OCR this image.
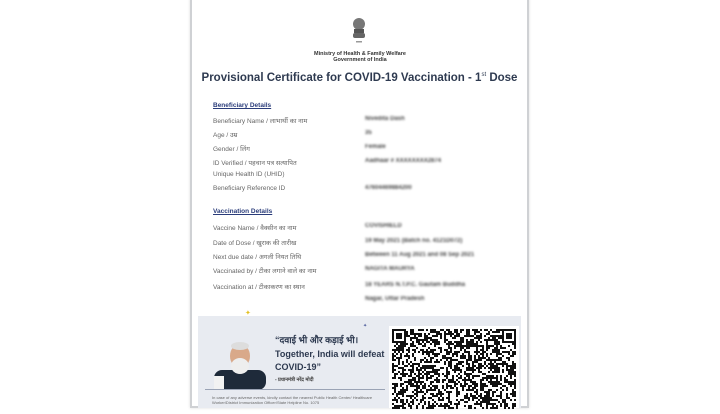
Ministry of Health & Family Welfare
Government of India
Provisional Certificate for COVID-19 Vaccination - 1st Dose
Beneficiary Details
Beneficiary Name / लाभार्थी का नाम	Nivedita Dash
Age / उम्र	35
Gender / लिंग	Female
ID Verified / पहचान पत्र सत्यापित	Aadhaar # XXXXXXXX2874
Unique Health ID (UHID)
Beneficiary Reference ID	47604469884200
Vaccination Details
Vaccine Name / वैक्सीन का नाम	COVISHIELD
Date of Dose / खुराक की तारीख	19 May 2021 (Batch no. 4121D072)
Next due date / अगली नियत तिथि	Between 11 Aug 2021 and 08 Sep 2021
Vaccinated by / टीका लगाने वाले का नाम	NAGITA MAURYA
Vaccination at / टीकाकरण का स्थान	18 YEARS N.T.P.C. Gautam Buddha
Nagar, Uttar Pradesh
✦
✦
“दवाई भी और कड़ाई भी।
Together, India will defeat
COVID-19”
- प्रधानमंत्री नरेंद्र मोदी
In case of any adverse events, kindly contact the nearest Public Health Center/ Healthcare Worker/District Immunization Officer/State Helpline No. 1075
